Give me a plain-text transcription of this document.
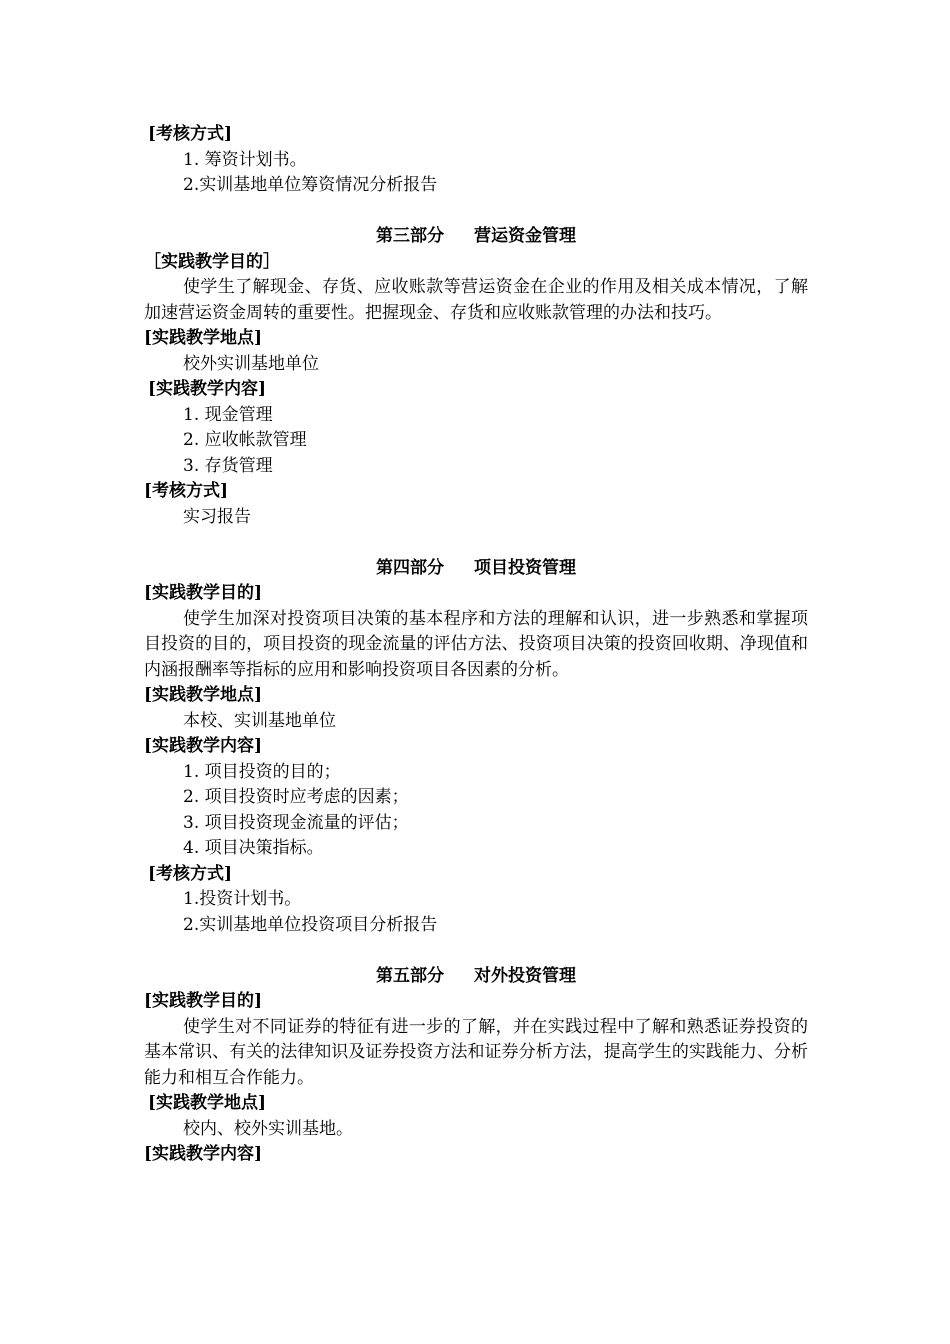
[考核方式]
1. 筹资计划书。
2.实训基地单位筹资情况分析报告
第三部分 营运资金管理
［实践教学目的］

使学生了解现金、存货、应收账款等营运资金在企业的作用及相关成本情况，了解加速营运资金周转的重要性。把握现金、存货和应收账款管理的办法和技巧。

[实践教学地点]
校外实训基地单位
[实践教学内容]
1. 现金管理
2. 应收帐款管理
3. 存货管理
[考核方式]
实习报告
第四部分 项目投资管理
[实践教学目的]

使学生加深对投资项目决策的基本程序和方法的理解和认识，进一步熟悉和掌握项目投资的目的，项目投资的现金流量的评估方法、投资项目决策的投资回收期、净现值和内涵报酬率等指标的应用和影响投资项目各因素的分析。

[实践教学地点]
本校、实训基地单位
[实践教学内容]
1. 项目投资的目的；
2. 项目投资时应考虑的因素；
3. 项目投资现金流量的评估；
4. 项目决策指标。
[考核方式]
1.投资计划书。
2.实训基地单位投资项目分析报告
第五部分 对外投资管理
[实践教学目的]

使学生对不同证券的特征有进一步的了解，并在实践过程中了解和熟悉证券投资的基本常识、有关的法律知识及证券投资方法和证券分析方法，提高学生的实践能力、分析能力和相互合作能力。

[实践教学地点]
校内、校外实训基地。
[实践教学内容]
